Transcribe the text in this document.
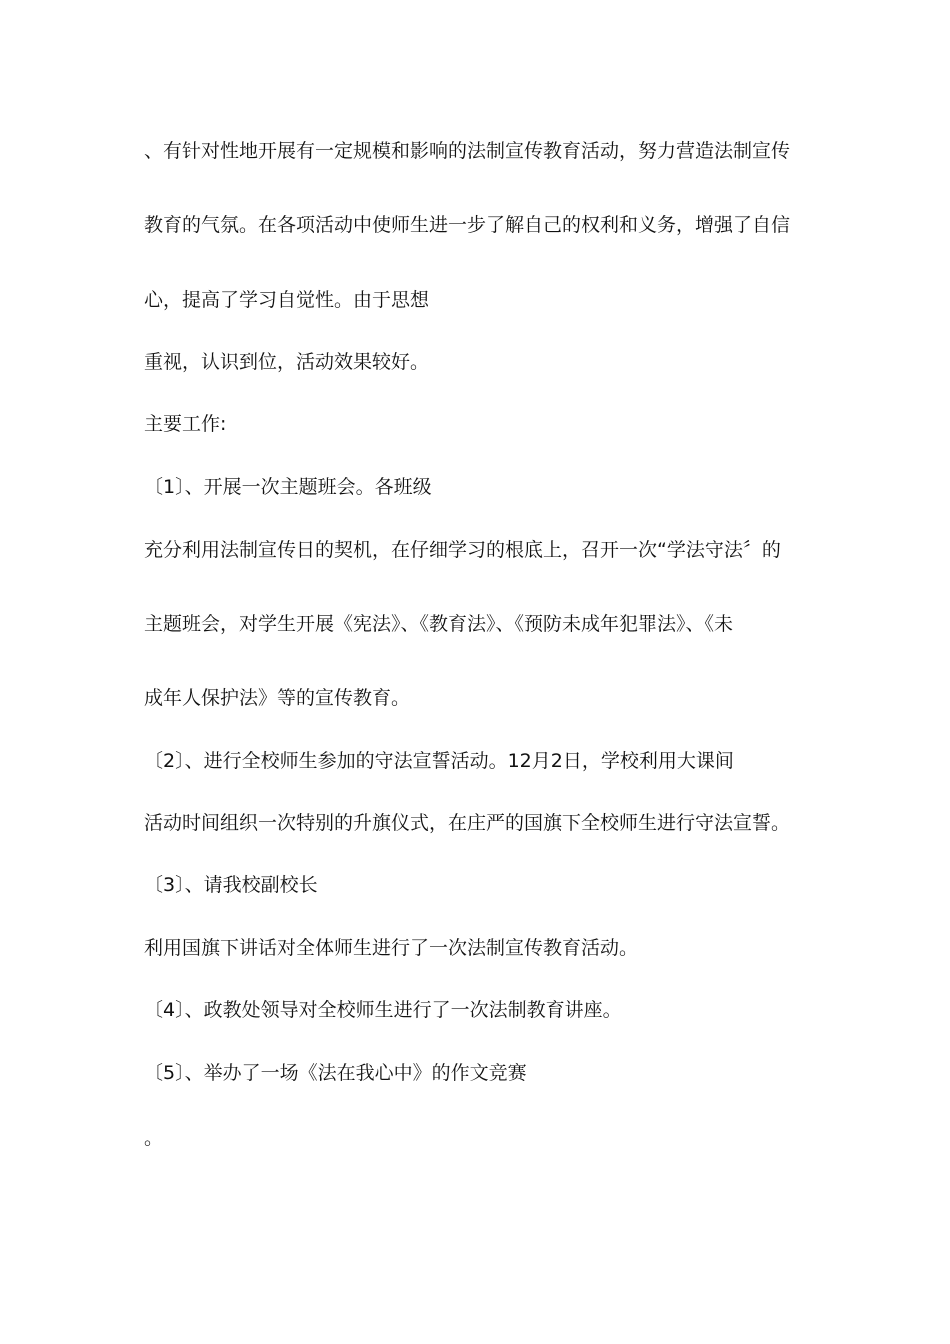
、有针对性地开展有一定规模和影响的法制宣传教育活动，努力营造法制宣传
教育的气氛。在各项活动中使师生进一步了解自己的权利和义务，增强了自信
心，提高了学习自觉性。由于思想
重视，认识到位，活动效果较好。
主要工作:
〔1〕、开展一次主题班会。各班级
充分利用法制宣传日的契机，在仔细学习的根底上，召开一次“学法守法〞的
主题班会，对学生开展《宪法》、《教育法》、《预防未成年犯罪法》、《未
成年人保护法》等的宣传教育。
〔2〕、进行全校师生参加的守法宣誓活动。12月2日，学校利用大课间
活动时间组织一次特别的升旗仪式，在庄严的国旗下全校师生进行守法宣誓。
〔3〕、请我校副校长
利用国旗下讲话对全体师生进行了一次法制宣传教育活动。
〔4〕、政教处领导对全校师生进行了一次法制教育讲座。
〔5〕、举办了一场《法在我心中》的作文竞赛
。
